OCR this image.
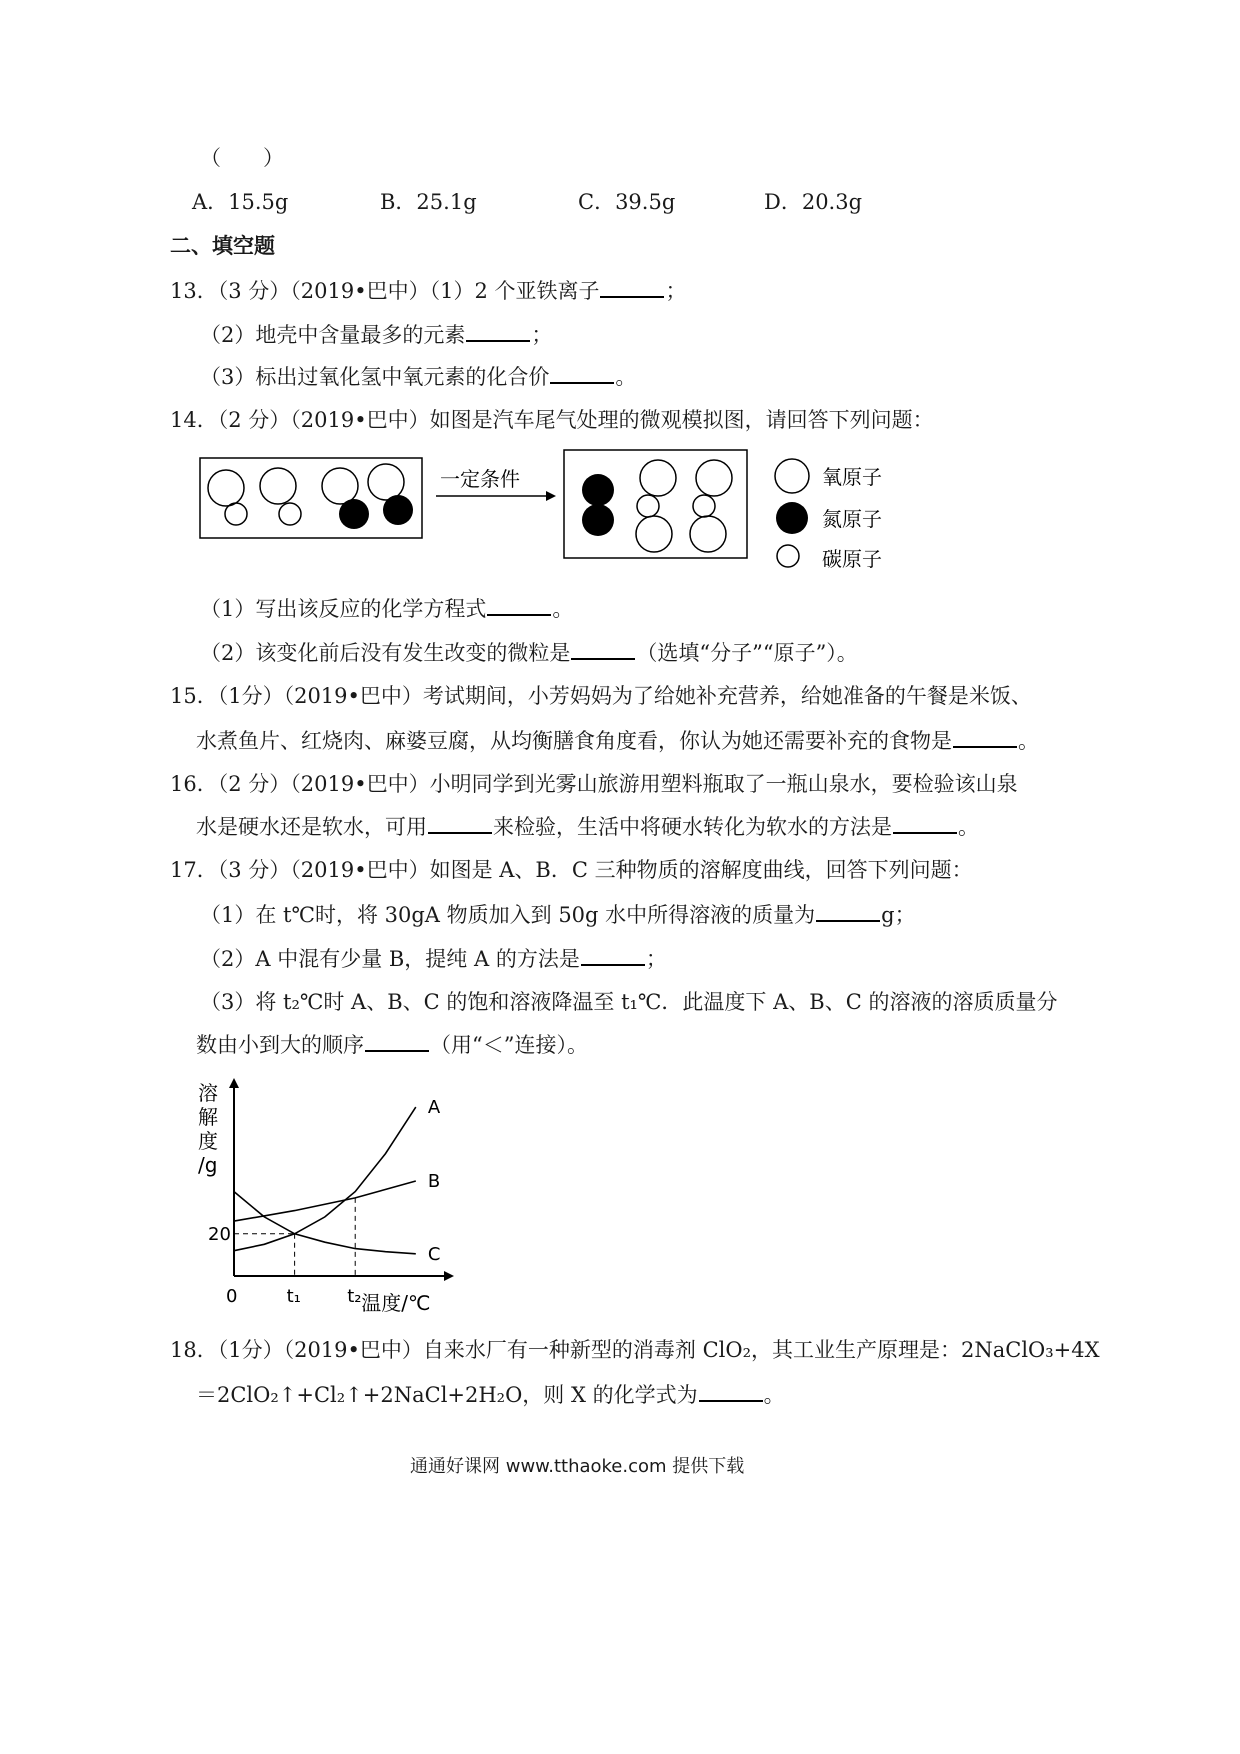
（　　）
A．15.5g	B．25.1g	C．39.5g	D．20.3g
二、填空题
13．（3 分）（2019•巴中）（1）2 个亚铁离子	；
（2）地壳中含量最多的元素	；
（3）标出过氧化氢中氧元素的化合价	。
14．（2 分）（2019•巴中）如图是汽车尾气处理的微观模拟图，请回答下列问题：
一定条件	氧原子
氮原子
碳原子
（1）写出该反应的化学方程式	。
（2）该变化前后没有发生改变的微粒是	（选填“分子”“原子”）。
15．（1分）（2019•巴中）考试期间，小芳妈妈为了给她补充营养，给她准备的午餐是米饭、
水煮鱼片、红烧肉、麻婆豆腐，从均衡膳食角度看，你认为她还需要补充的食物是	。
16．（2 分）（2019•巴中）小明同学到光雾山旅游用塑料瓶取了一瓶山泉水，要检验该山泉
水是硬水还是软水，可用	来检验，生活中将硬水转化为软水的方法是	。
17．（3 分）（2019•巴中）如图是 A、B．C 三种物质的溶解度曲线，回答下列问题：
（1）在 t℃时，将 30gA 物质加入到 50g 水中所得溶液的质量为	g；
（2）A 中混有少量 B，提纯 A 的方法是	；
（3）将 t₂℃时 A、B、C 的饱和溶液降温至 t₁℃．此温度下 A、B、C 的溶液的溶质质量分
数由小到大的顺序	（用“＜”连接）。
溶
解
度
/g
A
B
C
20
0	t₁	t₂ 温度/℃
18．（1分）（2019•巴中）自来水厂有一种新型的消毒剂 ClO₂，其工业生产原理是：2NaClO₃+4X
＝2ClO₂↑+Cl₂↑+2NaCl+2H₂O，则 X 的化学式为	。
通通好课网 www.tthaoke.com 提供下载
